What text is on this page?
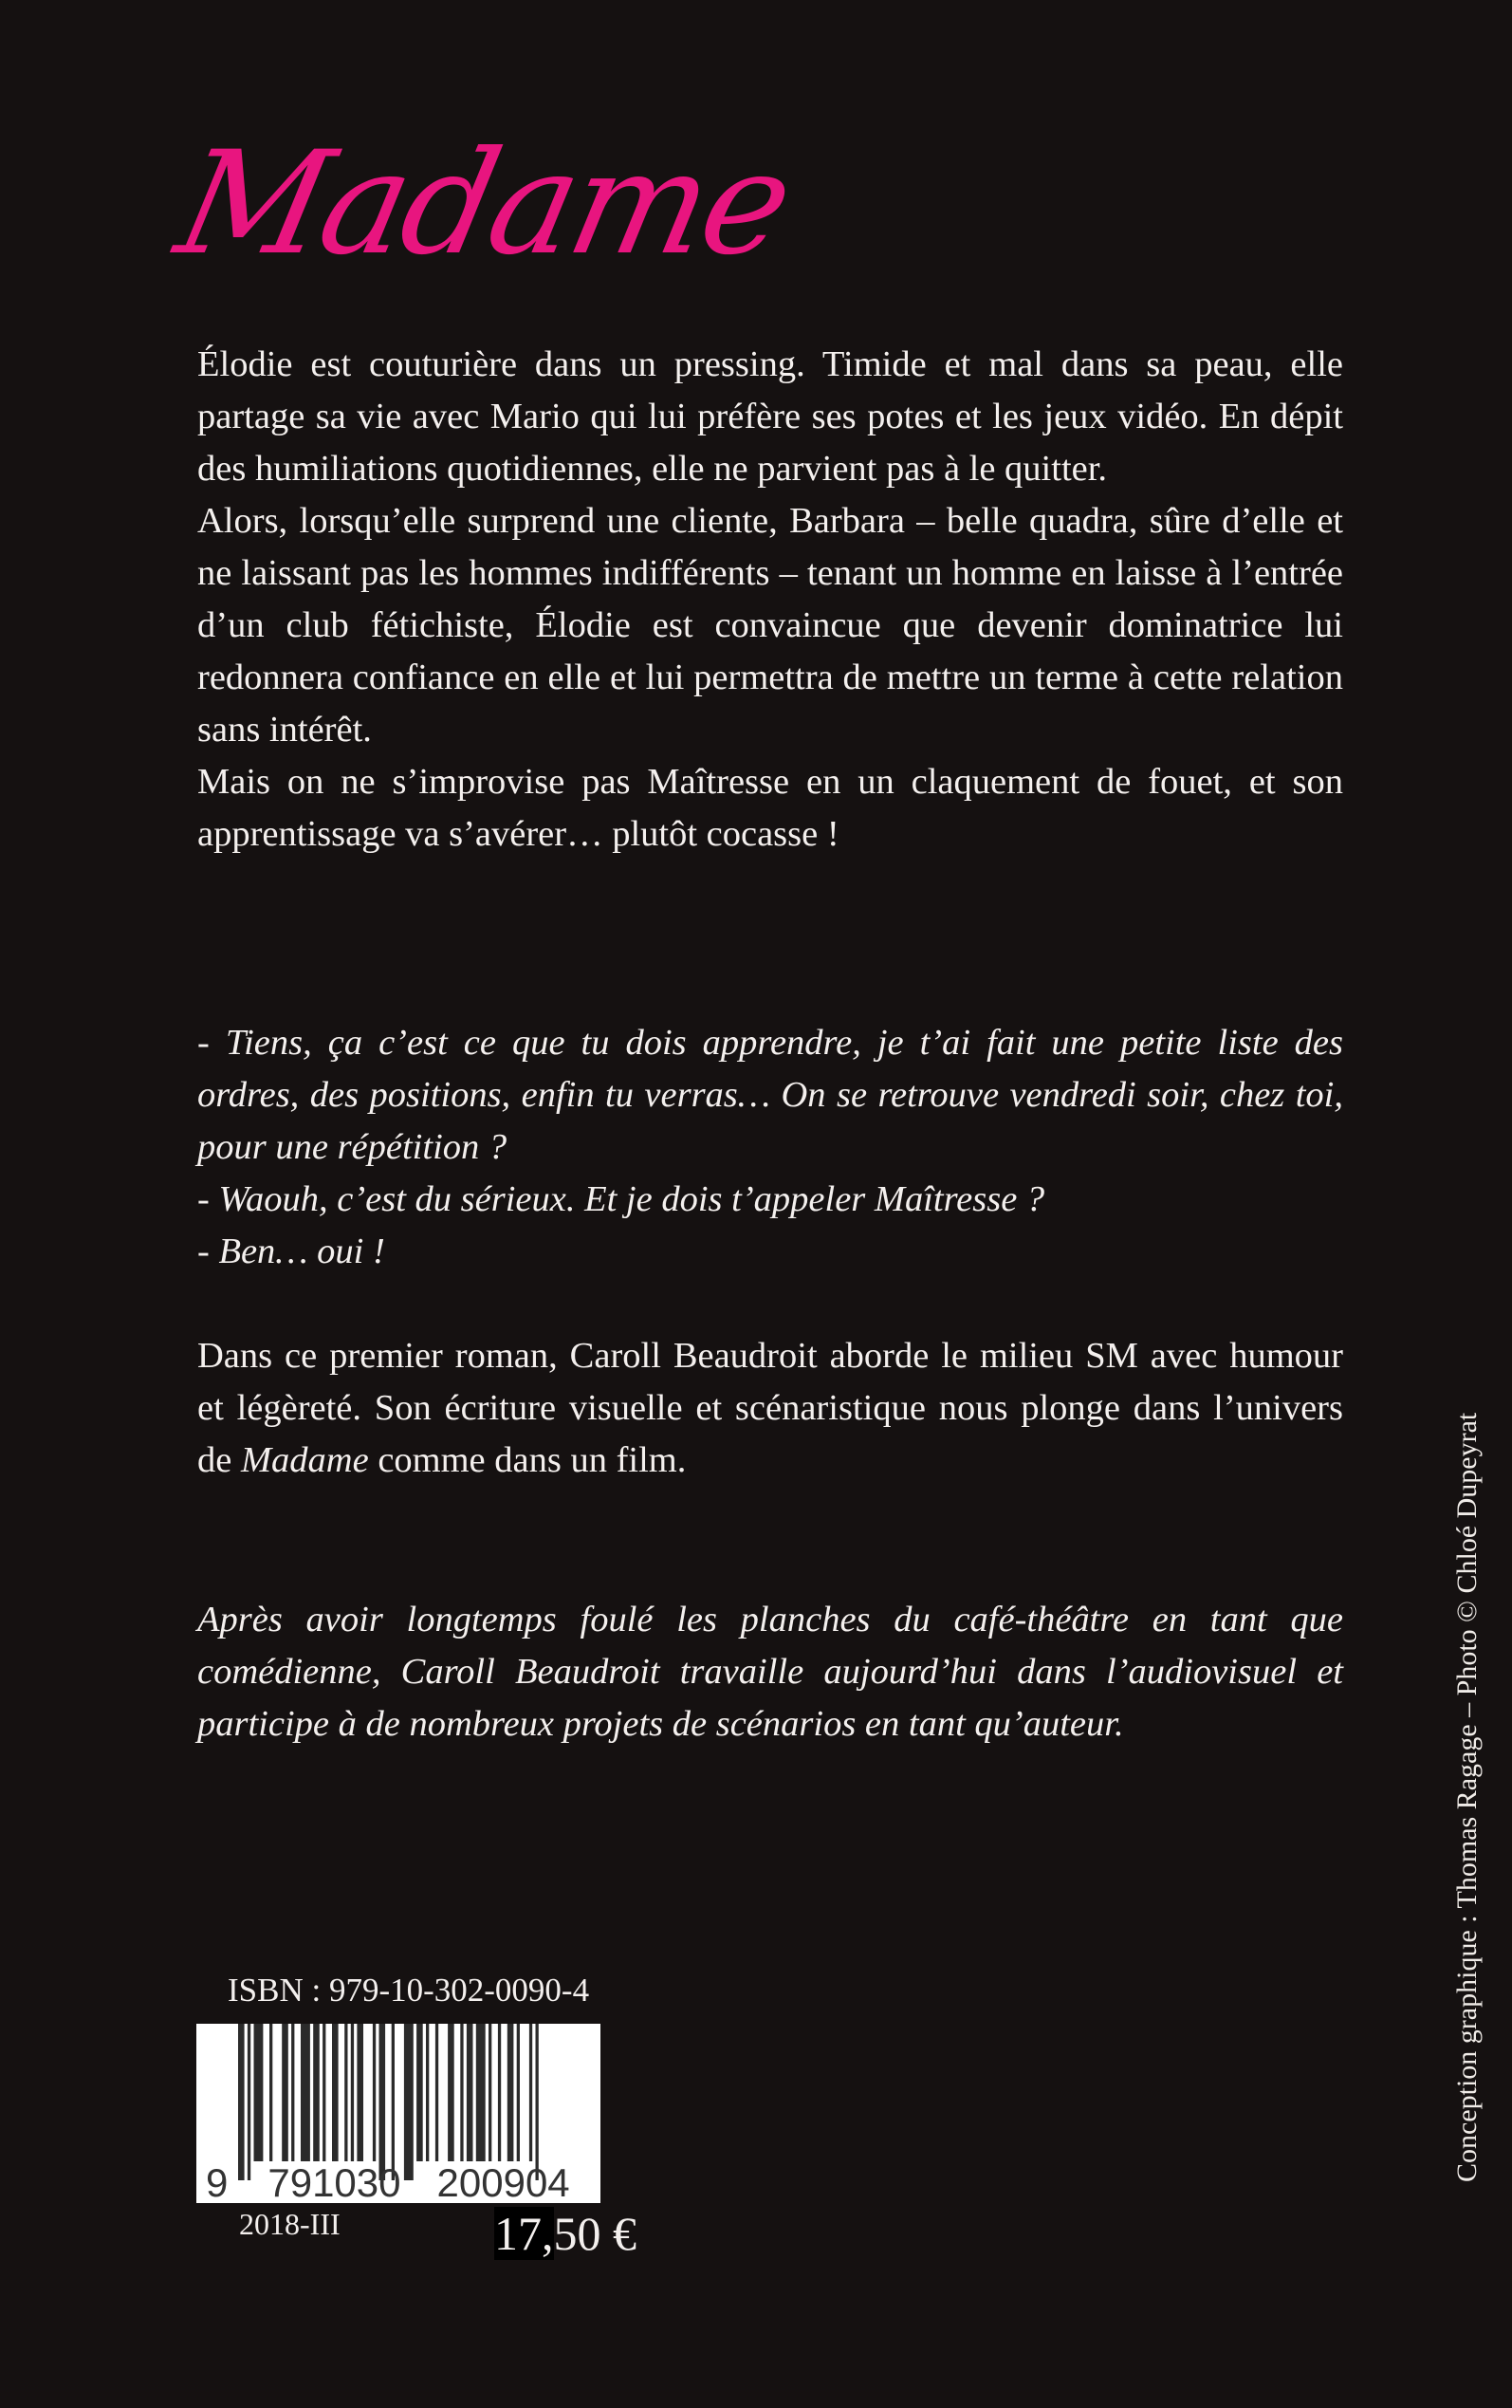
Madame

Élodie est couturière dans un pressing. Timide et mal dans sa peau, elle partage sa vie avec Mario qui lui préfère ses potes et les jeux vidéo. En dépit des humiliations quotidiennes, elle ne parvient pas à le quitter.

Alors, lorsqu’elle surprend une cliente, Barbara – belle quadra, sûre d’elle et ne laissant pas les hommes indifférents – tenant un homme en laisse à l’entrée d’un club fétichiste, Élodie est convaincue que devenir dominatrice lui redonnera confiance en elle et lui permettra de mettre un terme à cette relation sans intérêt.

Mais on ne s’improvise pas Maîtresse en un claquement de fouet, et son apprentissage va s’avérer… plutôt cocasse !

- Tiens, ça c’est ce que tu dois apprendre, je t’ai fait une petite liste des ordres, des positions, enfin tu verras… On se retrouve vendredi soir, chez toi, pour une répétition ?

- Waouh, c’est du sérieux. Et je dois t’appeler Maîtresse ?

- Ben… oui !

Dans ce premier roman, Caroll Beaudroit aborde le milieu SM avec humour et légèreté. Son écriture visuelle et scénaristique nous plonge dans l’univers de Madame comme dans un film.
Après avoir longtemps foulé les planches du café-théâtre en tant que comédienne, Caroll Beaudroit travaille aujourd’hui dans l’audiovisuel et participe à de nombreux projets de scénarios en tant qu’auteur.	Conception graphique : Thomas Ragage – Photo © Chloé Dupeyrat
ISBN : 979-10-302-0090-4
9 791030 200904
2018-III	17,50 €
